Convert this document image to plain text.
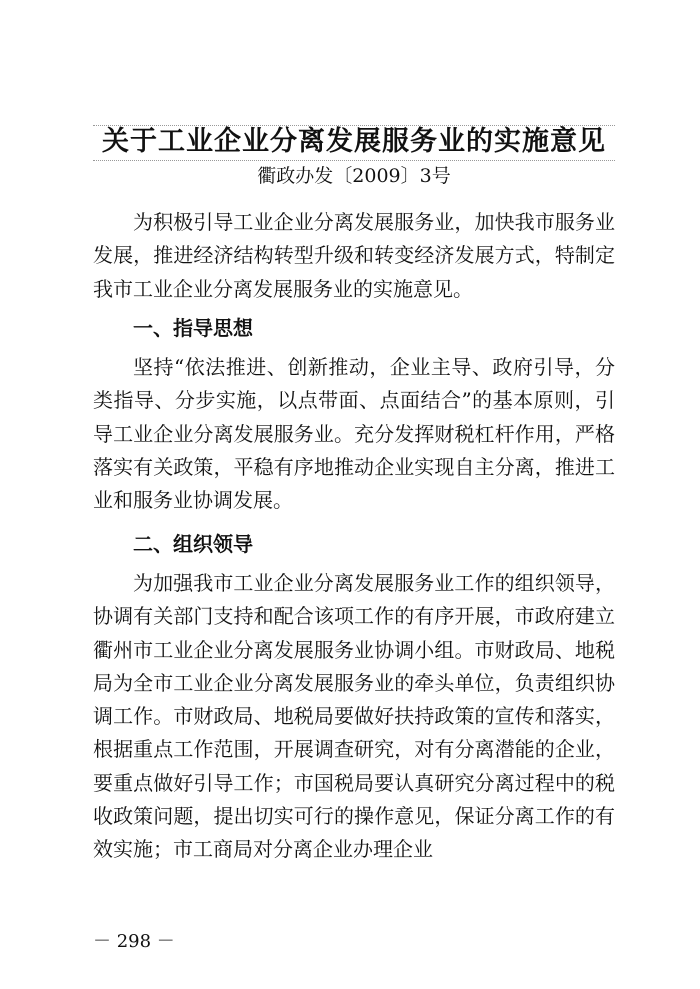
关于工业企业分离发展服务业的实施意见
衢政办发〔2009〕3号

为积极引导工业企业分离发展服务业，加快我市服务业发展，推进经济结构转型升级和转变经济发展方式，特制定我市工业企业分离发展服务业的实施意见。

一、指导思想

坚持“依法推进、创新推动，企业主导、政府引导，分类指导、分步实施，以点带面、点面结合”的基本原则，引导工业企业分离发展服务业。充分发挥财税杠杆作用，严格落实有关政策，平稳有序地推动企业实现自主分离，推进工业和服务业协调发展。

二、组织领导

为加强我市工业企业分离发展服务业工作的组织领导，协调有关部门支持和配合该项工作的有序开展，市政府建立衢州市工业企业分离发展服务业协调小组。市财政局、地税局为全市工业企业分离发展服务业的牵头单位，负责组织协调工作。市财政局、地税局要做好扶持政策的宣传和落实，根据重点工作范围，开展调查研究，对有分离潜能的企业，要重点做好引导工作；市国税局要认真研究分离过程中的税收政策问题，提出切实可行的操作意见，保证分离工作的有效实施；市工商局对分离企业办理企业

－ 298 －
